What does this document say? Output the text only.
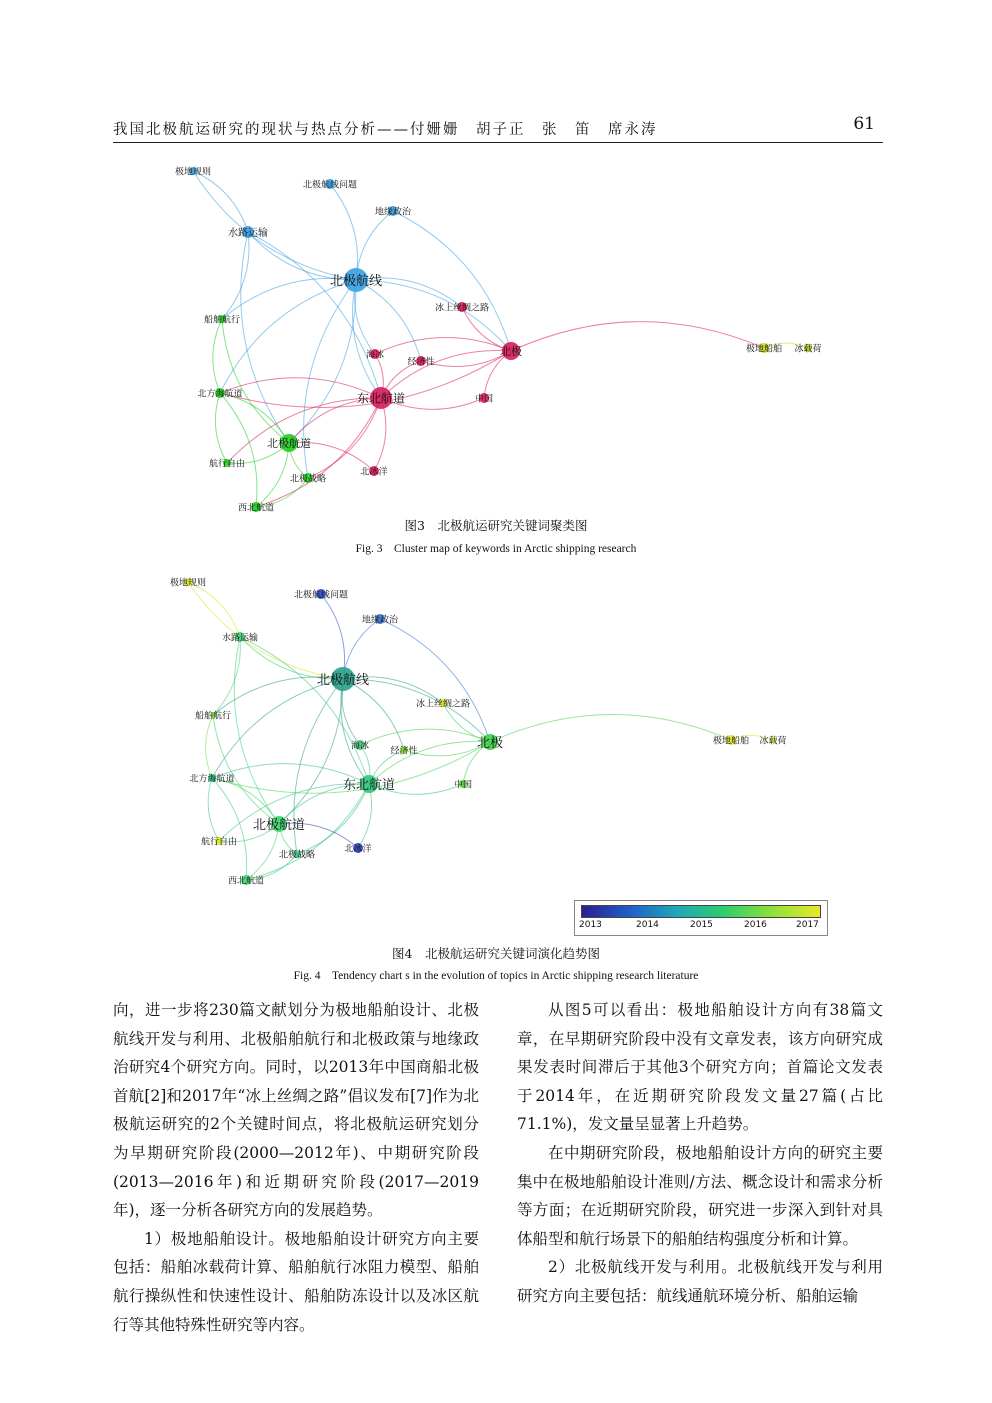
我国北极航运研究的现状与热点分析——付姗姗　胡子正　张　笛　席永涛	61
极地规则
北极航线问题
地缘政治
水路运输
北极航线
冰上丝绸之路
船舶航行
海冰
经济性
北极	极地船舶 冰载荷
北方海航道	东北航道	中国
北极航道
航行自由
北极战略
北冰洋
西北航道
图3　北极航运研究关键词聚类图
Fig. 3　Cluster map of keywords in Arctic shipping research
极地规则
北极航线问题
地缘政治
水路运输
北极航线
冰上丝绸之路
船舶航行
海冰 经济性
北极	极地船舶 冰载荷
北方海航道	东北航道	中国
北极航道
航行自由
北极战略
北冰洋
西北航道
2013	2014	2015	2016	2017
图4　北极航运研究关键词演化趋势图
Fig. 4　Tendency chart s in the evolution of topics in Arctic shipping research literature

向，进一步将230篇文献划分为极地船舶设计、北极航线开发与利用、北极船舶航行和北极政策与地缘政治研究4个研究方向。同时，以2013年中国商船北极首航[2]和2017年“冰上丝绸之路”倡议发布[7]作为北极航运研究的2个关键时间点，将北极航运研究划分为早期研究阶段(2000—2012年)、中期研究阶段(2013—2016年)和近期研究阶段(2017—2019年)，逐一分析各研究方向的发展趋势。

1）极地船舶设计。极地船舶设计研究方向主要包括：船舶冰载荷计算、船舶航行冰阻力模型、船舶航行操纵性和快速性设计、船舶防冻设计以及冰区航行等其他特殊性研究等内容。

从图5可以看出：极地船舶设计方向有38篇文章，在早期研究阶段中没有文章发表，该方向研究成果发表时间滞后于其他3个研究方向；首篇论文发表于2014年，在近期研究阶段发文量27篇(占比71.1%)，发文量呈显著上升趋势。

在中期研究阶段，极地船舶设计方向的研究主要集中在极地船舶设计准则/方法、概念设计和需求分析等方面；在近期研究阶段，研究进一步深入到针对具体船型和航行场景下的船舶结构强度分析和计算。

2）北极航线开发与利用。北极航线开发与利用研究方向主要包括：航线通航环境分析、船舶运输
